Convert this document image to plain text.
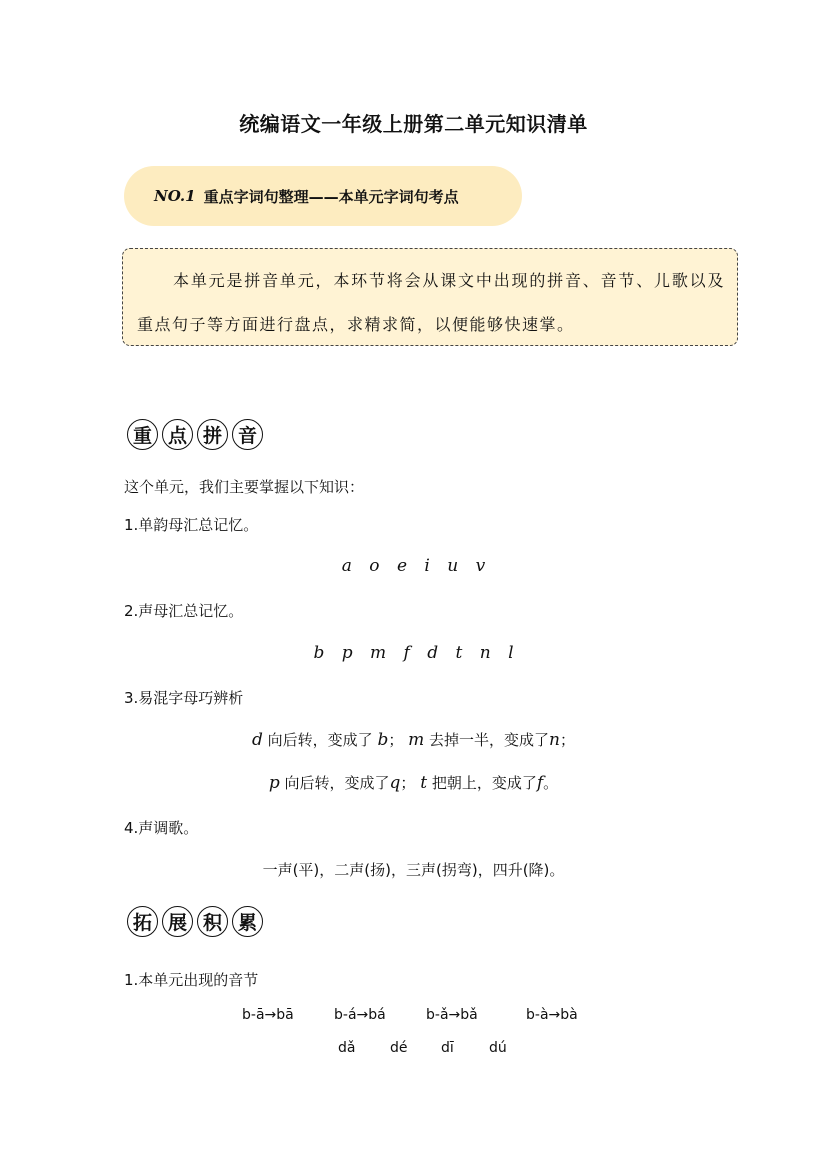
统编语文一年级上册第二单元知识清单
NO.1 重点字词句整理——本单元字词句考点
本单元是拼音单元，本环节将会从课文中出现的拼音、音节、儿歌以及重点句子等方面进行盘点，求精求简，以便能够快速掌。
重 点 拼 音
这个单元，我们主要掌握以下知识：
1.单韵母汇总记忆。
a o e i u v
2.声母汇总记忆。
b p m f d t n l
3.易混字母巧辨析
d 向后转，变成了 b； m 去掉一半，变成了n；
p 向后转，变成了q； t 把朝上，变成了f。
4.声调歌。
一声(平)，二声(扬)，三声(拐弯)，四升(降)。
拓 展 积 累
1.本单元出现的音节
b-ā→bā	b-á→bá	b-ǎ→bǎ	b-à→bà
dǎ dé dī	dú
